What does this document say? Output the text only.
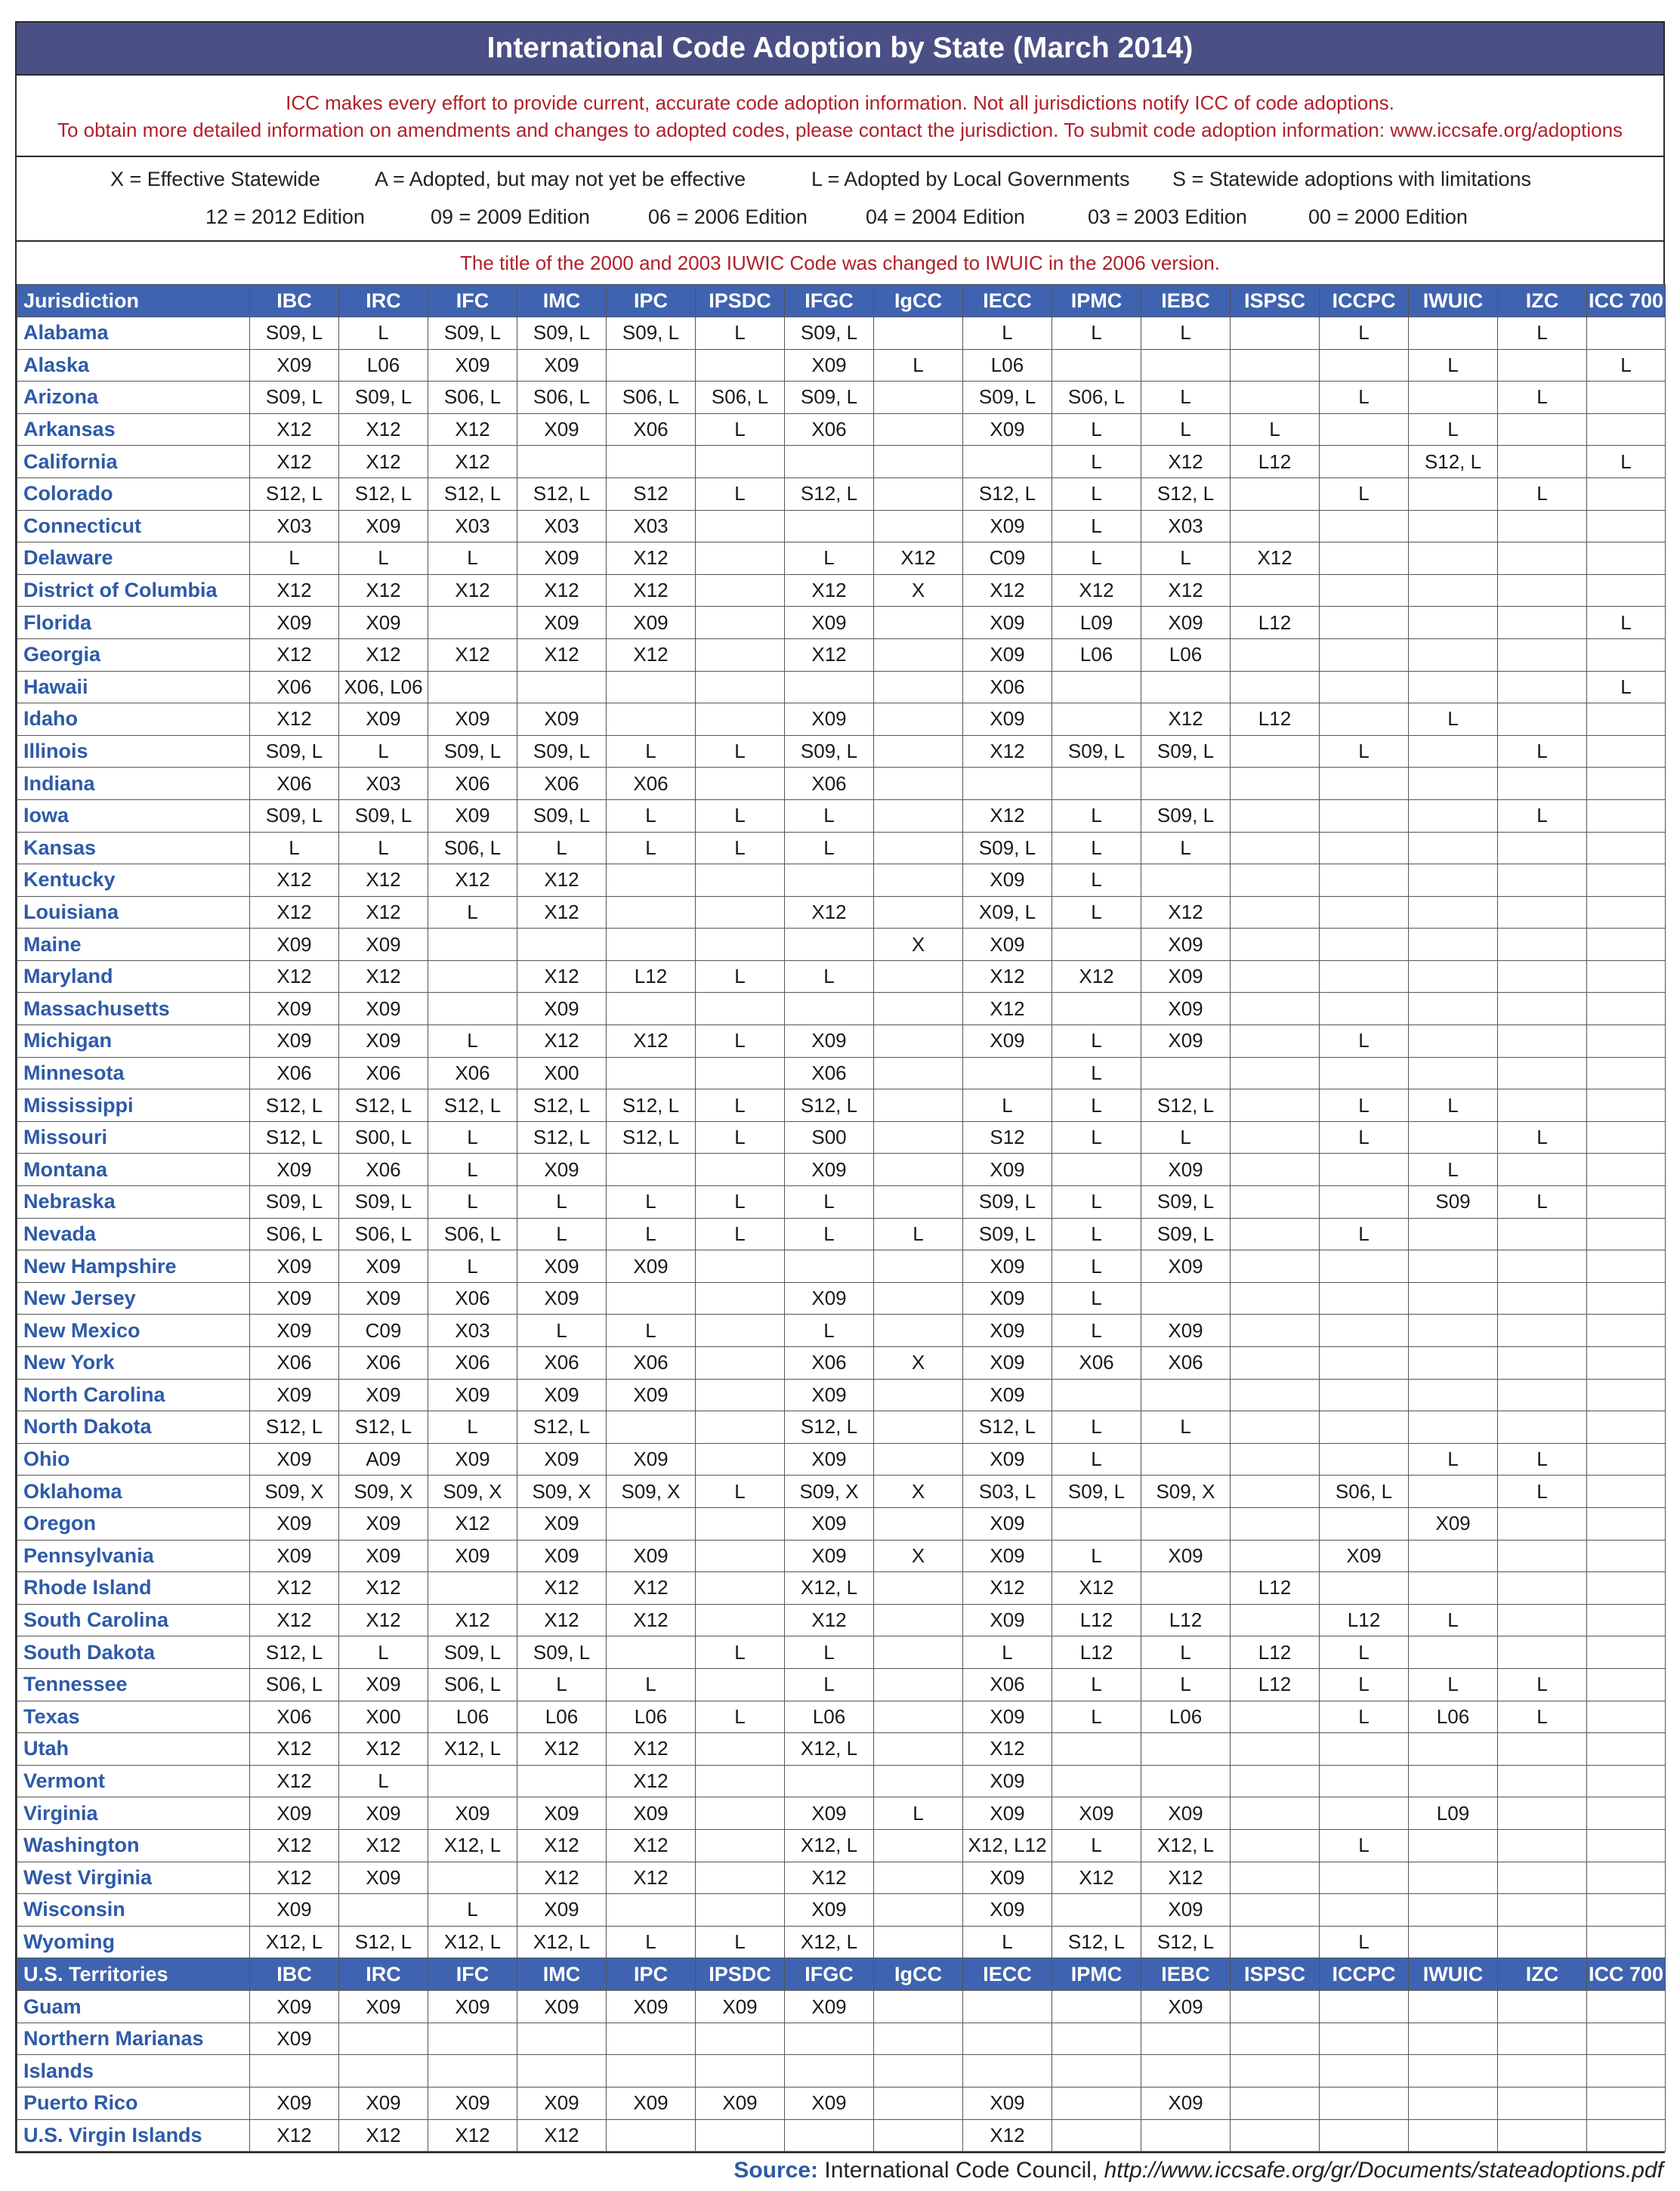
International Code Adoption by State (March 2014)
ICC makes every effort to provide current, accurate code adoption information. Not all jurisdictions notify ICC of code adoptions.
To obtain more detailed information on amendments and changes to adopted codes, please contact the jurisdiction. To submit code adoption information: www.iccsafe.org/adoptions
X = Effective Statewide	A = Adopted, but may not yet be effective	L = Adopted by Local Governments S = Statewide adoptions with limitations
12 = 2012 Edition	09 = 2009 Edition	06 = 2006 Edition	04 = 2004 Edition	03 = 2003 Edition	00 = 2000 Edition
The title of the 2000 and 2003 IUWIC Code was changed to IWUIC in the 2006 version.
Jurisdiction	IBC	IRC	IFC	IMC	IPC	IPSDC	IFGC	IgCC	IECC	IPMC	IEBC	ISPSC	ICCPC	IWUIC	IZC	ICC 700
Alabama	S09, L	L	S09, L	S09, L	S09, L	L	S09, L		L	L	L		L		L	
Alaska	X09	L06	X09	X09			X09	L	L06					L		L
Arizona	S09, L	S09, L	S06, L	S06, L	S06, L	S06, L	S09, L		S09, L	S06, L	L		L		L	
Arkansas	X12	X12	X12	X09	X06	L	X06		X09	L	L	L		L		
California	X12	X12	X12							L	X12	L12		S12, L		L
Colorado	S12, L	S12, L	S12, L	S12, L	S12	L	S12, L		S12, L	L	S12, L		L		L	
Connecticut	X03	X09	X03	X03	X03				X09	L	X03					
Delaware	L	L	L	X09	X12		L	X12	C09	L	L	X12				
District of Columbia	X12	X12	X12	X12	X12		X12	X	X12	X12	X12					
Florida	X09	X09		X09	X09		X09		X09	L09	X09	L12				L
Georgia	X12	X12	X12	X12	X12		X12		X09	L06	L06					
Hawaii	X06	X06, L06							X06							L
Idaho	X12	X09	X09	X09			X09		X09		X12	L12		L		
Illinois	S09, L	L	S09, L	S09, L	L	L	S09, L		X12	S09, L	S09, L		L		L	
Indiana	X06	X03	X06	X06	X06		X06									
Iowa	S09, L	S09, L	X09	S09, L	L	L	L		X12	L	S09, L				L	
Kansas	L	L	S06, L	L	L	L	L		S09, L	L	L					
Kentucky	X12	X12	X12	X12					X09	L						
Louisiana	X12	X12	L	X12			X12		X09, L	L	X12					
Maine	X09	X09						X	X09		X09					
Maryland	X12	X12		X12	L12	L	L		X12	X12	X09					
Massachusetts	X09	X09		X09					X12		X09					
Michigan	X09	X09	L	X12	X12	L	X09		X09	L	X09		L			
Minnesota	X06	X06	X06	X00			X06			L						
Mississippi	S12, L	S12, L	S12, L	S12, L	S12, L	L	S12, L		L	L	S12, L		L	L		
Missouri	S12, L	S00, L	L	S12, L	S12, L	L	S00		S12	L	L		L		L	
Montana	X09	X06	L	X09			X09		X09		X09			L		
Nebraska	S09, L	S09, L	L	L	L	L	L		S09, L	L	S09, L			S09	L	
Nevada	S06, L	S06, L	S06, L	L	L	L	L	L	S09, L	L	S09, L		L			
New Hampshire	X09	X09	L	X09	X09				X09	L	X09					
New Jersey	X09	X09	X06	X09			X09		X09	L						
New Mexico	X09	C09	X03	L	L		L		X09	L	X09					
New York	X06	X06	X06	X06	X06		X06	X	X09	X06	X06					
North Carolina	X09	X09	X09	X09	X09		X09		X09							
North Dakota	S12, L	S12, L	L	S12, L			S12, L		S12, L	L	L					
Ohio	X09	A09	X09	X09	X09		X09		X09	L				L	L	
Oklahoma	S09, X	S09, X	S09, X	S09, X	S09, X	L	S09, X	X	S03, L	S09, L	S09, X		S06, L		L	
Oregon	X09	X09	X12	X09			X09		X09					X09		
Pennsylvania	X09	X09	X09	X09	X09		X09	X	X09	L	X09		X09			
Rhode Island	X12	X12		X12	X12		X12, L		X12	X12		L12				
South Carolina	X12	X12	X12	X12	X12		X12		X09	L12	L12		L12	L		
South Dakota	S12, L	L	S09, L	S09, L		L	L		L	L12	L	L12	L			
Tennessee	S06, L	X09	S06, L	L	L		L		X06	L	L	L12	L	L	L	
Texas	X06	X00	L06	L06	L06	L	L06		X09	L	L06		L	L06	L	
Utah	X12	X12	X12, L	X12	X12		X12, L		X12							
Vermont	X12	L			X12				X09							
Virginia	X09	X09	X09	X09	X09		X09	L	X09	X09	X09			L09		
Washington	X12	X12	X12, L	X12	X12		X12, L		X12, L12	L	X12, L		L			
West Virginia	X12	X09		X12	X12		X12		X09	X12	X12					
Wisconsin	X09		L	X09			X09		X09		X09					
Wyoming	X12, L	S12, L	X12, L	X12, L	L	L	X12, L		L	S12, L	S12, L		L			
U.S. Territories	IBC	IRC	IFC	IMC	IPC	IPSDC	IFGC	IgCC	IECC	IPMC	IEBC	ISPSC	ICCPC	IWUIC	IZC	ICC 700
Guam	X09	X09	X09	X09	X09	X09	X09				X09					
Northern Marianas	X09															
Islands																
Puerto Rico	X09	X09	X09	X09	X09	X09	X09		X09		X09					
U.S. Virgin Islands	X12	X12	X12	X12					X12							
Source: International Code Council, http://www.iccsafe.org/gr/Documents/stateadoptions.pdf
